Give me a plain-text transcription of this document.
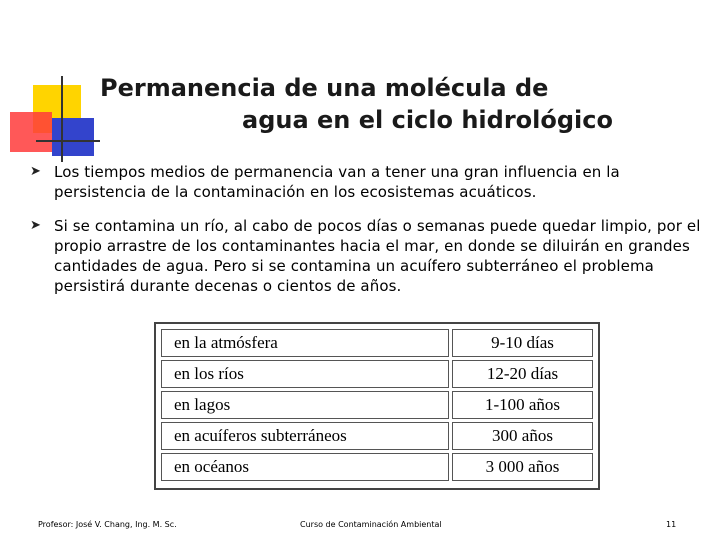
Permanencia de una molécula de
agua en el ciclo hidrológico
➤ Los tiempos medios de permanencia van a tener una gran influencia en la persistencia de la contaminación en los ecosistemas acuáticos.
➤ Si se contamina un río, al cabo de pocos días o semanas puede quedar limpio, por el propio arrastre de los contaminantes hacia el mar, en donde se diluirán en grandes cantidades de agua. Pero si se contamina un acuífero subterráneo el problema persistirá durante decenas o cientos de años.
en la atmósfera	9-10 días
en los ríos	12-20 días
en lagos	1-100 años
en acuíferos subterráneos	300 años
en océanos	3 000 años
Profesor: José V. Chang, Ing. M. Sc.	Curso de Contaminación Ambiental	11
